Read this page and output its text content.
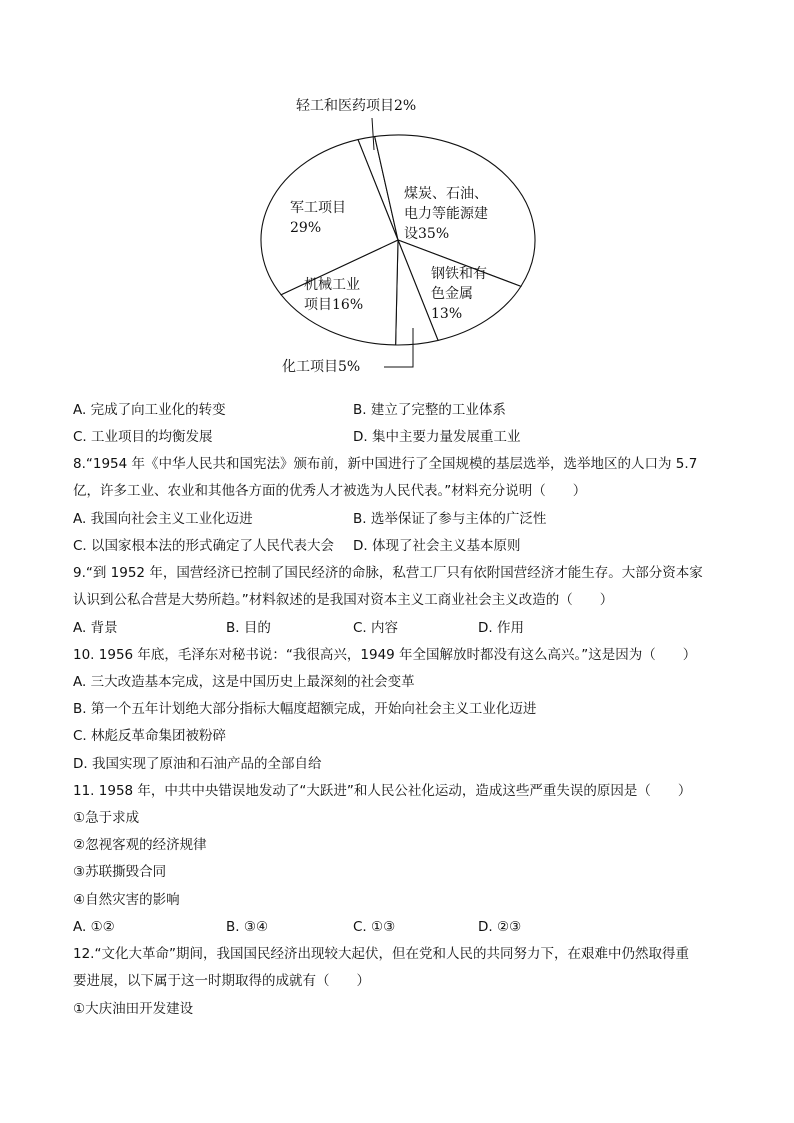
轻工和医药项目2%
煤炭、石油、
电力等能源建
设35%
军工项目
29%
机械工业
项目16%
钢铁和有
色金属
13%
化工项目5%
A. 完成了向工业化的转变	B. 建立了完整的工业体系
C. 工业项目的均衡发展	D. 集中主要力量发展重工业
8.“1954 年《中华人民共和国宪法》颁布前，新中国进行了全国规模的基层选举，选举地区的人口为 5.7
亿，许多工业、农业和其他各方面的优秀人才被选为人民代表。”材料充分说明（　　）
A. 我国向社会主义工业化迈进	B. 选举保证了参与主体的广泛性
C. 以国家根本法的形式确定了人民代表大会 D. 体现了社会主义基本原则
9.“到 1952 年，国营经济已控制了国民经济的命脉，私营工厂只有依附国营经济才能生存。大部分资本家
认识到公私合营是大势所趋。”材料叙述的是我国对资本主义工商业社会主义改造的（　　）
A. 背景	B. 目的	C. 内容	D. 作用
10. 1956 年底，毛泽东对秘书说：“我很高兴，1949 年全国解放时都没有这么高兴。”这是因为（　　）
A. 三大改造基本完成，这是中国历史上最深刻的社会变革
B. 第一个五年计划绝大部分指标大幅度超额完成，开始向社会主义工业化迈进
C. 林彪反革命集团被粉碎
D. 我国实现了原油和石油产品的全部自给
11. 1958 年，中共中央错误地发动了“大跃进”和人民公社化运动，造成这些严重失误的原因是（　　）
①急于求成
②忽视客观的经济规律
③苏联撕毁合同
④自然灾害的影响
A. ①②	B. ③④	C. ①③	D. ②③
12.“文化大革命”期间，我国国民经济出现较大起伏，但在党和人民的共同努力下，在艰难中仍然取得重
要进展，以下属于这一时期取得的成就有（　　）
①大庆油田开发建设
